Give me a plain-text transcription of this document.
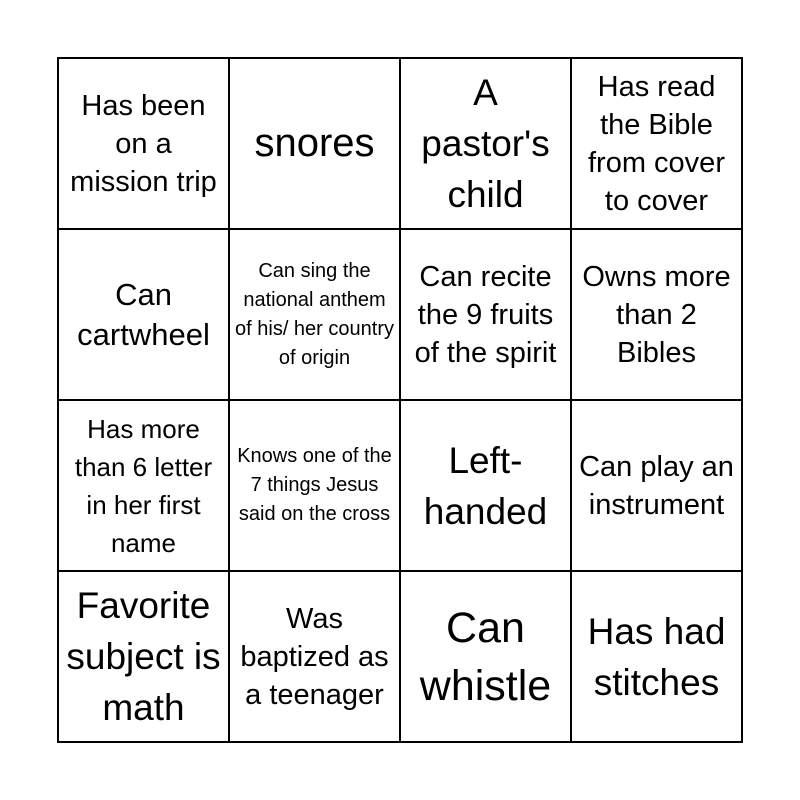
Has been on a mission trip
snores
A pastor's child
Has read the Bible from cover to cover
Can cartwheel
Can sing the national anthem of his/ her country of origin
Can recite the 9 fruits of the spirit
Owns more than 2 Bibles
Has more than 6 letter in her first name
Knows one of the 7 things Jesus said on the cross
Left-handed
Can play an instrument
Favorite subject is math
Was baptized as a teenager
Can whistle
Has had stitches
